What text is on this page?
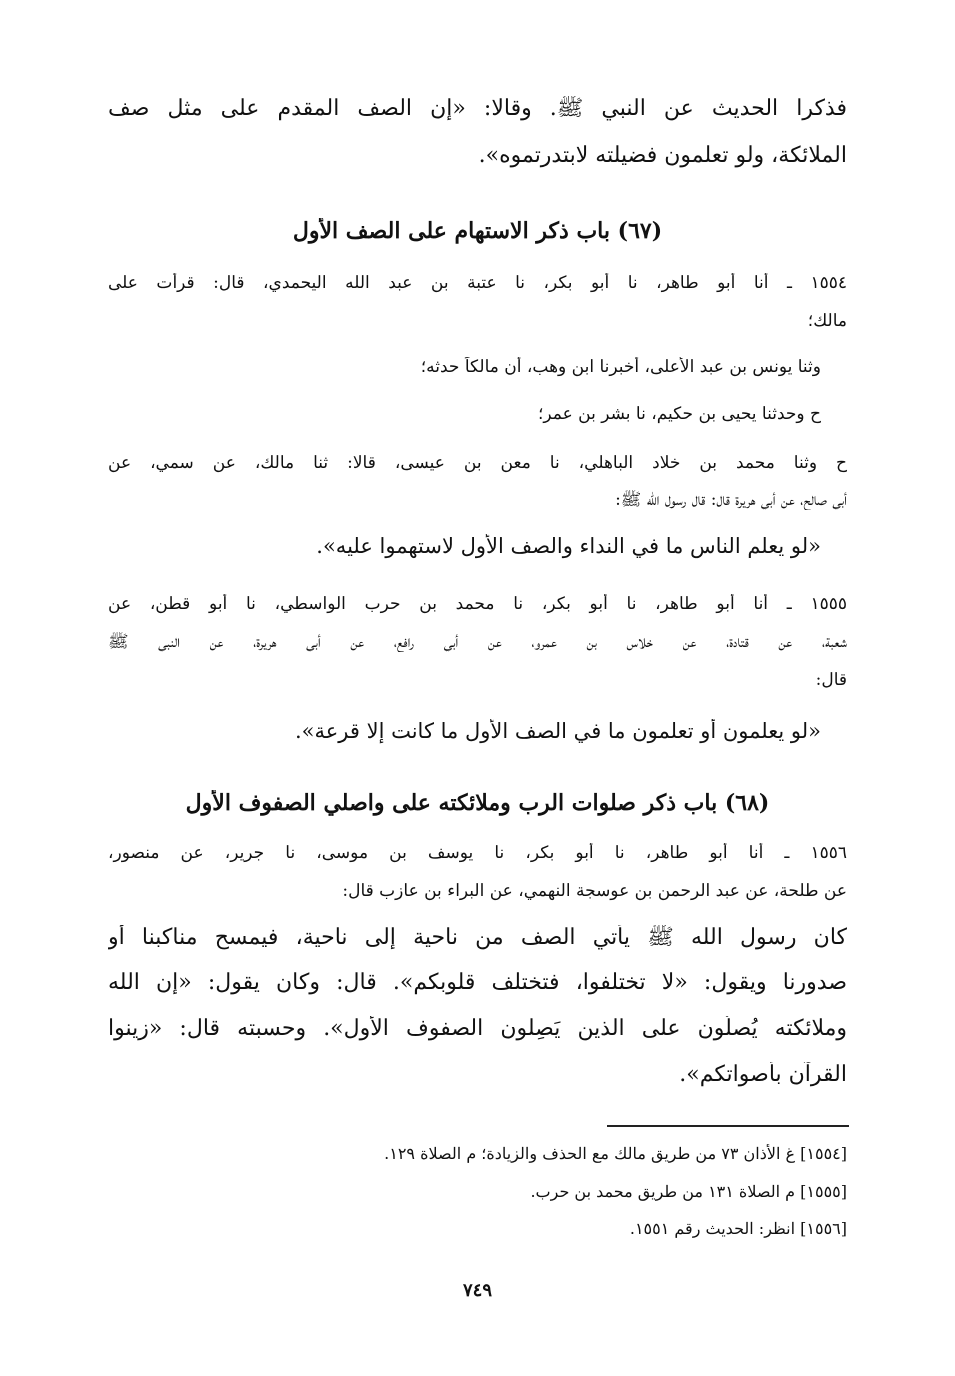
فذكرا الحديث عن النبي ﷺ. وقالا: «إن الصف المقدم على مثل صف
الملائكة، ولو تعلمون فضيلته لابتدرتموه».
(٦٧) باب ذكر الاستهام على الصف الأول
١٥٥٤ ـ أنا أبو طاهر، نا أبو بكر، نا عتبة بن عبد الله اليحمدي، قال: قرأت على
مالك؛
وثنا يونس بن عبد الأعلى، أخبرنا ابن وهب، أن مالكاً حدثه؛
ح وحدثنا يحيى بن حكيم، نا بشر بن عمر؛
ح وثنا محمد بن خلاد الباهلي، نا معن بن عيسى، قالا: ثنا مالك، عن سمي، عن
أبي صالح، عن أبي هريرة قال: قال رسول الله ﷺ:
«لو يعلم الناس ما في النداء والصف الأول لاستهموا عليه».
١٥٥٥ ـ أنا أبو طاهر، نا أبو بكر، نا محمد بن حرب الواسطي، نا أبو قطن، عن
شعبة، عن قتادة، عن خلاس بن عمرو، عن أبي رافع، عن أبي هريرة، عن النبي ﷺ
قال:
«لو يعلمون أو تعلمون ما في الصف الأول ما كانت إلا قرعة».
(٦٨) باب ذكر صلوات الرب وملائكته على واصلي الصفوف الأول
١٥٥٦ ـ أنا أبو طاهر، نا أبو بكر، نا يوسف بن موسى، نا جرير، عن منصور،
عن طلحة، عن عبد الرحمن بن عوسجة النهمي، عن البراء بن عازب قال:
كان رسول الله ﷺ يأتي الصف من ناحية إلى ناحية، فيمسح مناكبنا أو
صدورنا ويقول: «لا تختلفوا، فتختلف قلوبكم». قال: وكان يقول: «إن الله
وملائكته يُصلُّون على الذين يَصِلون الصفوف الأول». وحسبته قال: «زينوا
القرآن بأصواتكم».
[١٥٥٤] غ الأذان ٧٣ من طريق مالك مع الحذف والزيادة؛ م الصلاة ١٢٩.
[١٥٥٥] م الصلاة ١٣١ من طريق محمد بن حرب.
[١٥٥٦] انظر: الحديث رقم ١٥٥١.
٧٤٩
